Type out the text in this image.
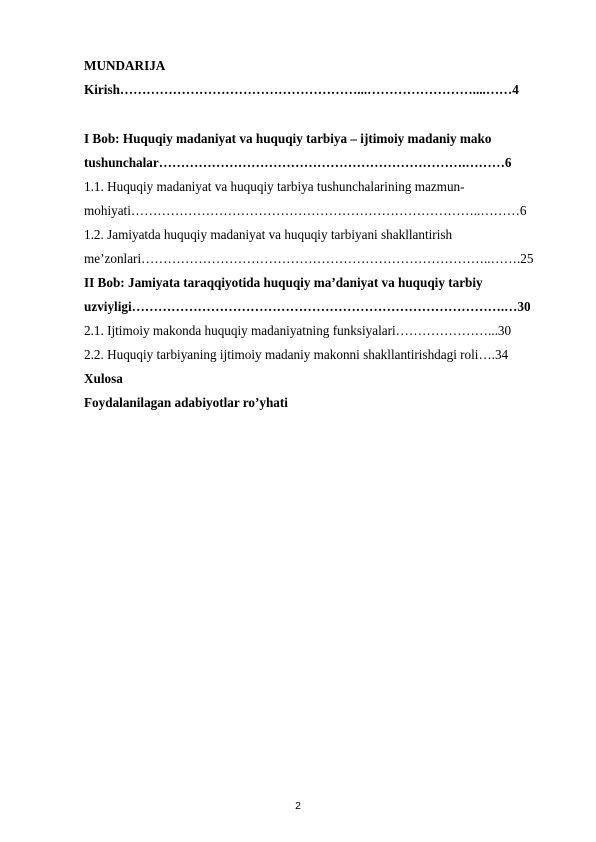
MUNDARIJA
Kirish………………………………………………...……………………....……4
I Bob: Huquqiy madaniyat va huquqiy tarbiya – ijtimoiy madaniy mako
tushunchalar…………………………………………………………….………6
1.1. Huquqiy madaniyat va huquqiy tarbiya tushunchalarining mazmun-
mohiyati……………………………………………………………………..………6
1.2. Jamiyatda huquqiy madaniyat va huquqiy tarbiyani shakllantirish
me’zonlari……………………………………………………………………..…….25
II Bob: Jamiyata taraqqiyotida huquqiy ma’daniyat va huquqiy tarbiy
uzviyligi………………………………………………………………………….…30
2.1. Ijtimoiy makonda huquqiy madaniyatning funksiyalari…………………...30
2.2. Huquqiy tarbiyaning ijtimoiy madaniy makonni shakllantirishdagi roli….34
Xulosa
Foydalanilagan adabiyotlar ro’yhati
2
